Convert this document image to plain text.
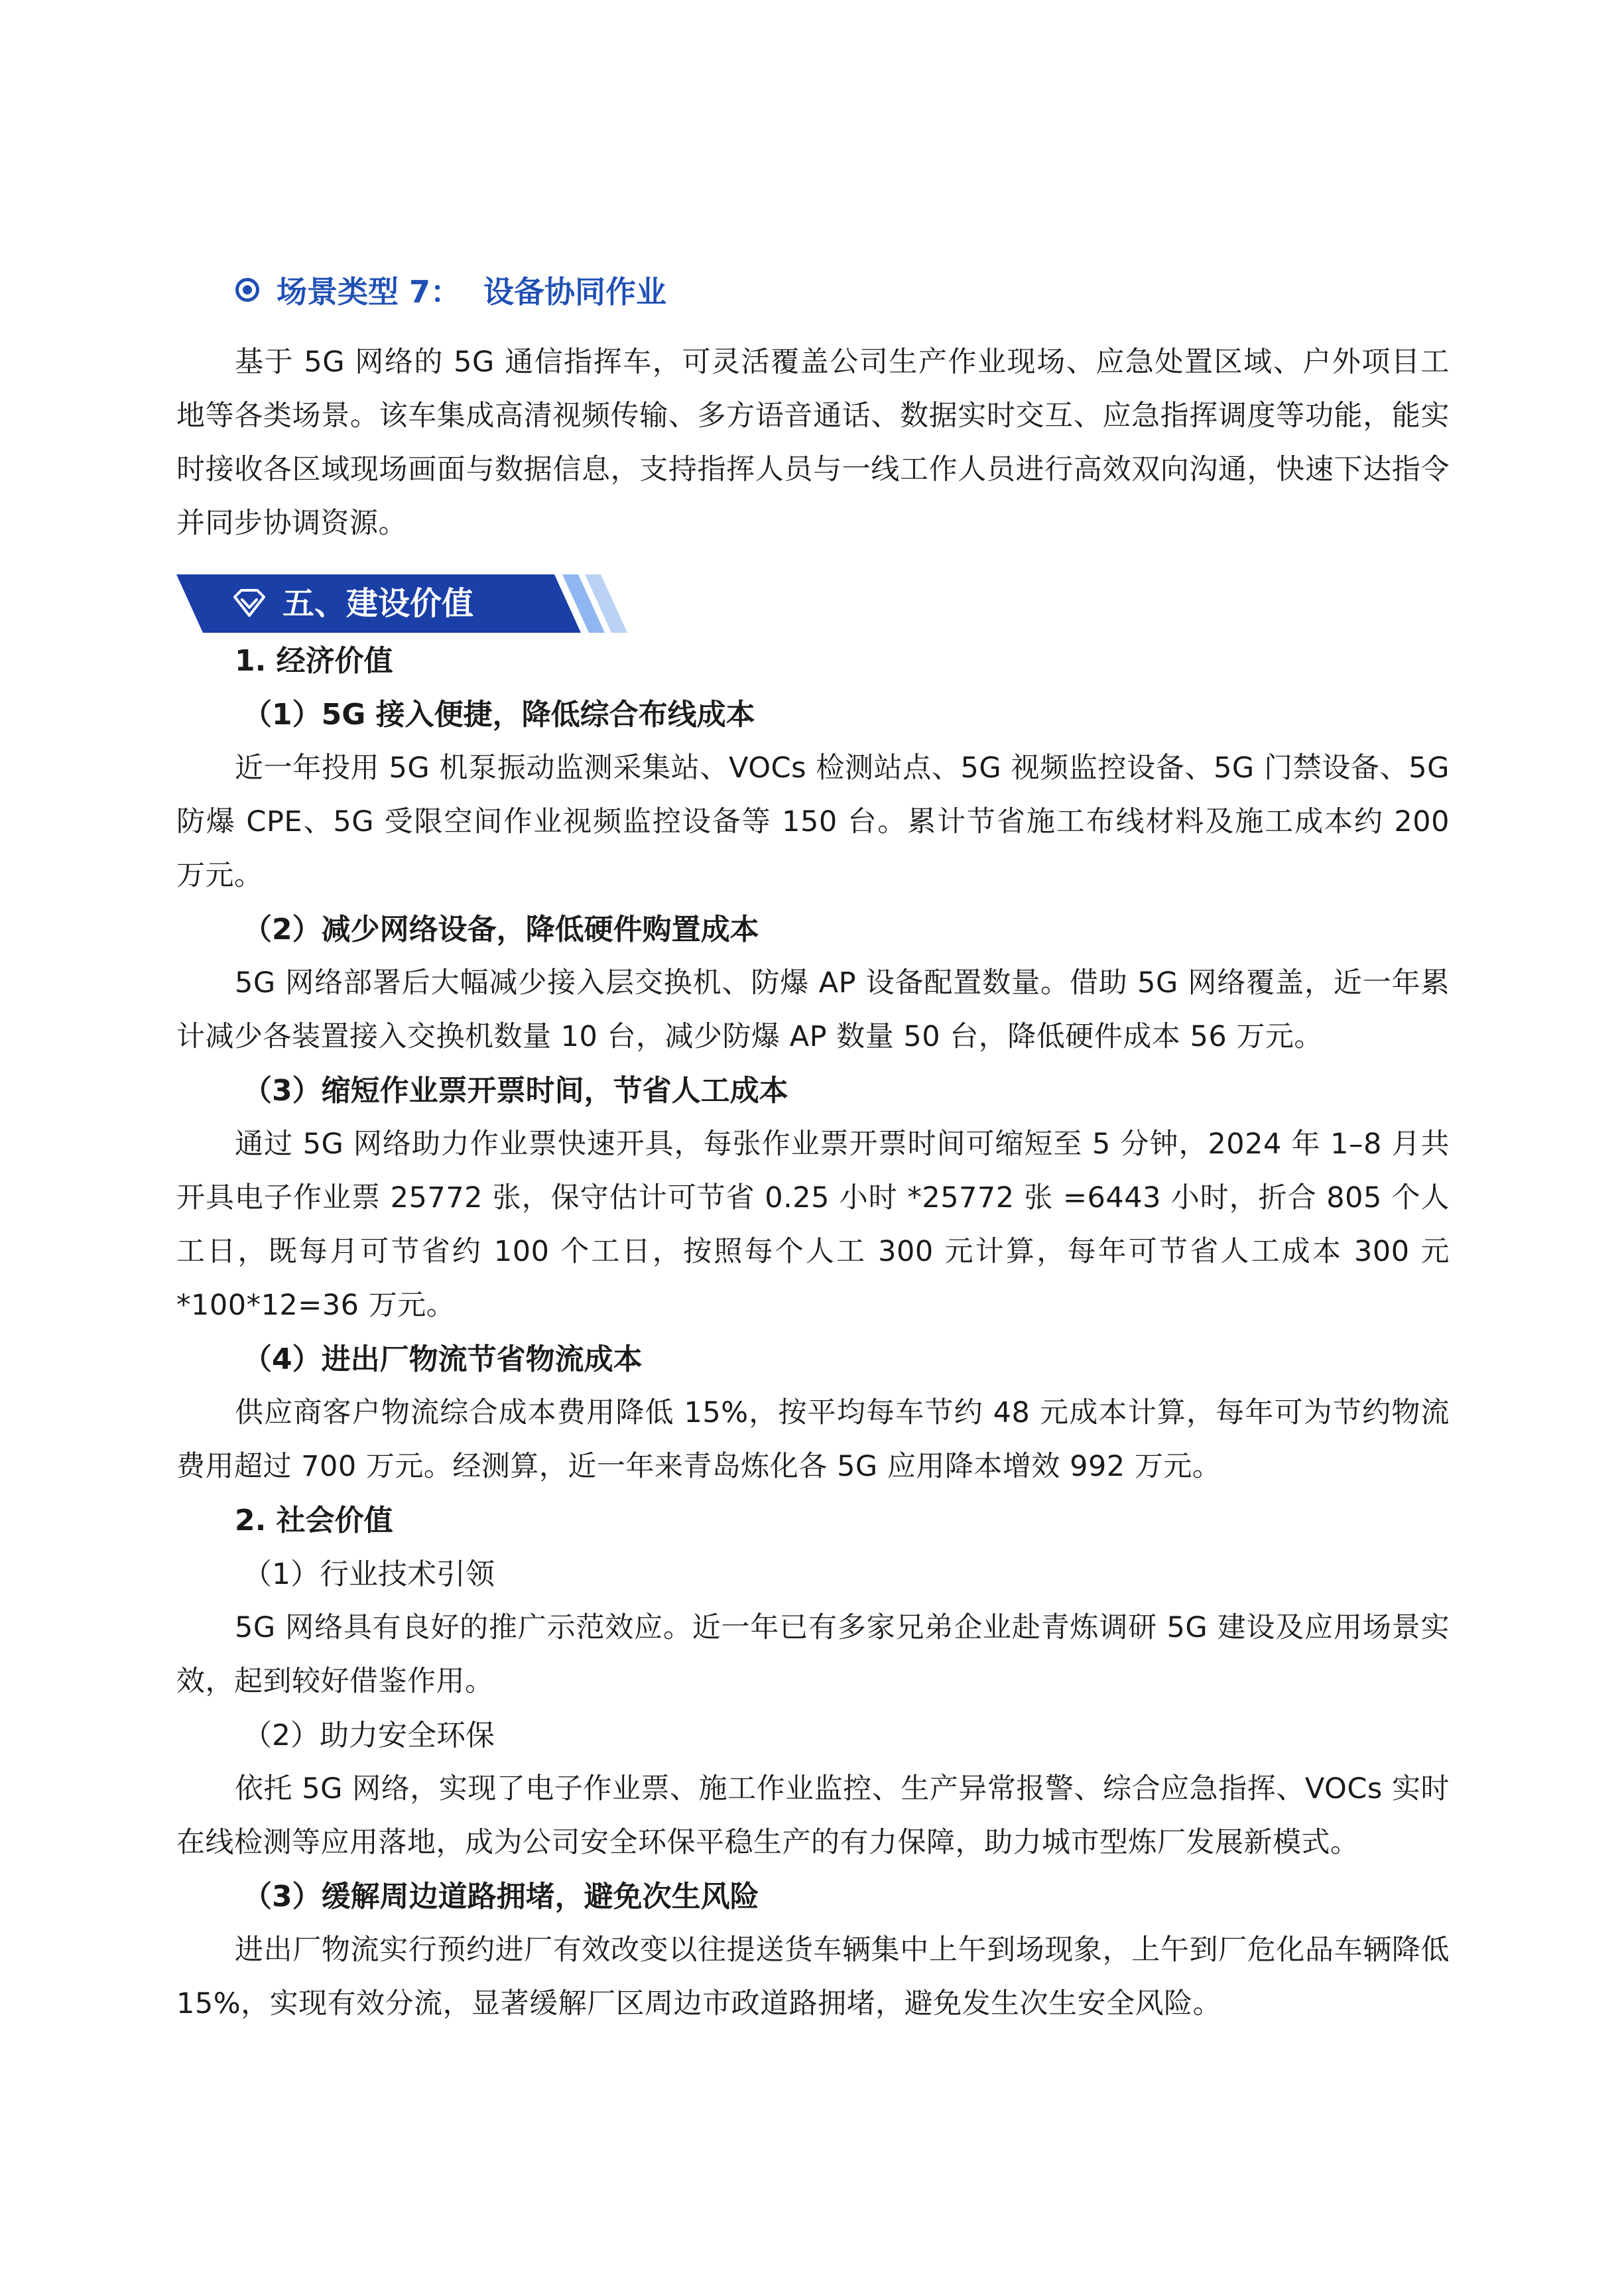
场景类型 7： 设备协同作业

基于 5G 网络的 5G 通信指挥车，可灵活覆盖公司生产作业现场、应急处置区域、户外项目工地等各类场景。该车集成高清视频传输、多方语音通话、数据实时交互、应急指挥调度等功能，能实时接收各区域现场画面与数据信息，支持指挥人员与一线工作人员进行高效双向沟通，快速下达指令并同步协调资源。

五、建设价值
1. 经济价值
（1）5G 接入便捷，降低综合布线成本

近一年投用 5G 机泵振动监测采集站、VOCs 检测站点、5G 视频监控设备、5G 门禁设备、5G 防爆 CPE、5G 受限空间作业视频监控设备等 150 台。累计节省施工布线材料及施工成本约 200 万元。

（2）减少网络设备，降低硬件购置成本

5G 网络部署后大幅减少接入层交换机、防爆 AP 设备配置数量。借助 5G 网络覆盖，近一年累计减少各装置接入交换机数量 10 台，减少防爆 AP 数量 50 台，降低硬件成本 56 万元。

（3）缩短作业票开票时间，节省人工成本

通过 5G 网络助力作业票快速开具，每张作业票开票时间可缩短至 5 分钟，2024 年 1–8 月共开具电子作业票 25772 张，保守估计可节省 0.25 小时 *25772 张 =6443 小时，折合 805 个人工日，既每月可节省约 100 个工日，按照每个人工 300 元计算，每年可节省人工成本 300 元 *100*12=36 万元。

（4）进出厂物流节省物流成本

供应商客户物流综合成本费用降低 15%，按平均每车节约 48 元成本计算，每年可为节约物流费用超过 700 万元。经测算，近一年来青岛炼化各 5G 应用降本增效 992 万元。

2. 社会价值
（1）行业技术引领

5G 网络具有良好的推广示范效应。近一年已有多家兄弟企业赴青炼调研 5G 建设及应用场景实效，起到较好借鉴作用。

（2）助力安全环保

依托 5G 网络，实现了电子作业票、施工作业监控、生产异常报警、综合应急指挥、VOCs 实时在线检测等应用落地，成为公司安全环保平稳生产的有力保障，助力城市型炼厂发展新模式。

（3）缓解周边道路拥堵，避免次生风险

进出厂物流实行预约进厂有效改变以往提送货车辆集中上午到场现象，上午到厂危化品车辆降低 15%，实现有效分流，显著缓解厂区周边市政道路拥堵，避免发生次生安全风险。
